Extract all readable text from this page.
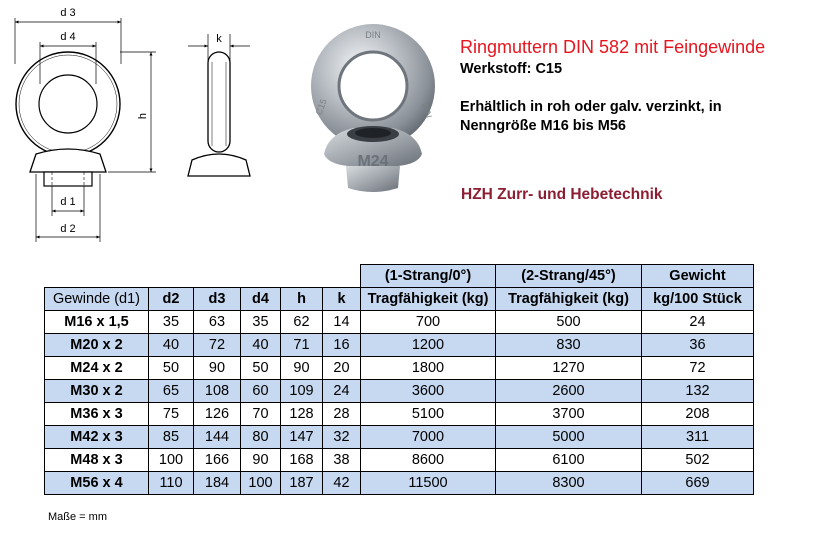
d 3
d 4
h
d 1
d 2
k
M24
C15	DIN
DIN
Ringmuttern DIN 582 mit Feingewinde
Werkstoff: C15
Erhältlich in roh oder galv. verzinkt, in
Nenngröße M16 bis M56
HZH Zurr- und Hebetechnik
						(1-Strang/0°)	(2-Strang/45°)	Gewicht
Gewinde (d1)	d2	d3	d4	h	k	Tragfähigkeit (kg)	Tragfähigkeit (kg)	kg/100 Stück
M16 x 1,5	35	63	35	62	14	700	500	24
M20 x 2	40	72	40	71	16	1200	830	36
M24 x 2	50	90	50	90	20	1800	1270	72
M30 x 2	65	108	60	109	24	3600	2600	132
M36 x 3	75	126	70	128	28	5100	3700	208
M42 x 3	85	144	80	147	32	7000	5000	311
M48 x 3	100	166	90	168	38	8600	6100	502
M56 x 4	110	184	100	187	42	11500	8300	669
Maße = mm
